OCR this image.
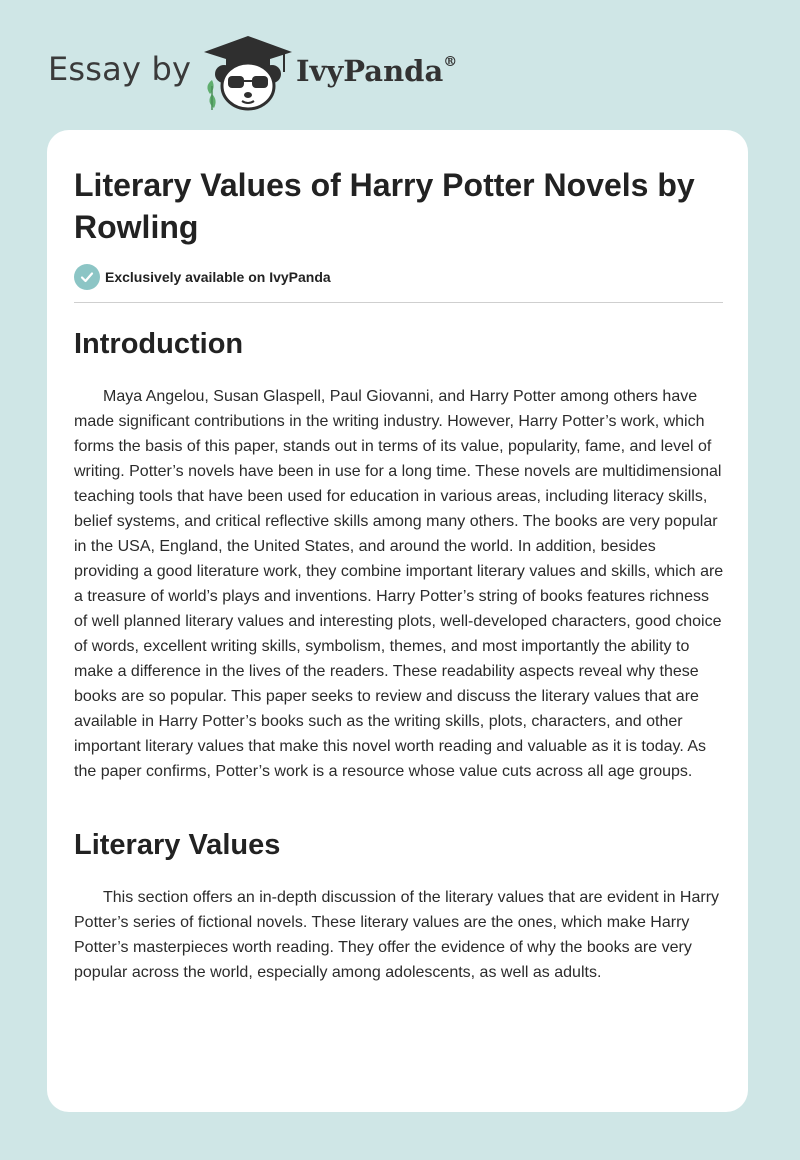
Essay by	IvyPanda®
Literary Values of Harry Potter Novels by Rowling
Exclusively available on IvyPanda
Introduction

Maya Angelou, Susan Glaspell, Paul Giovanni, and Harry Potter among others have made significant contributions in the writing industry. However, Harry Potter’s work, which forms the basis of this paper, stands out in terms of its value, popularity, fame, and level of writing. Potter’s novels have been in use for a long time. These novels are multidimensional teaching tools that have been used for education in various areas, including literacy skills, belief systems, and critical reflective skills among many others. The books are very popular in the USA, England, the United States, and around the world. In addition, besides providing a good literature work, they combine important literary values and skills, which are a treasure of world’s plays and inventions. Harry Potter’s string of books features richness of well planned literary values and interesting plots, well-developed characters, good choice of words, excellent writing skills, symbolism, themes, and most importantly the ability to make a difference in the lives of the readers. These readability aspects reveal why these books are so popular. This paper seeks to review and discuss the literary values that are available in Harry Potter’s books such as the writing skills, plots, characters, and other important literary values that make this novel worth reading and valuable as it is today. As the paper confirms, Potter’s work is a resource whose value cuts across all age groups.

Literary Values

This section offers an in-depth discussion of the literary values that are evident in Harry Potter’s series of fictional novels. These literary values are the ones, which make Harry Potter’s masterpieces worth reading. They offer the evidence of why the books are very popular across the world, especially among adolescents, as well as adults.
